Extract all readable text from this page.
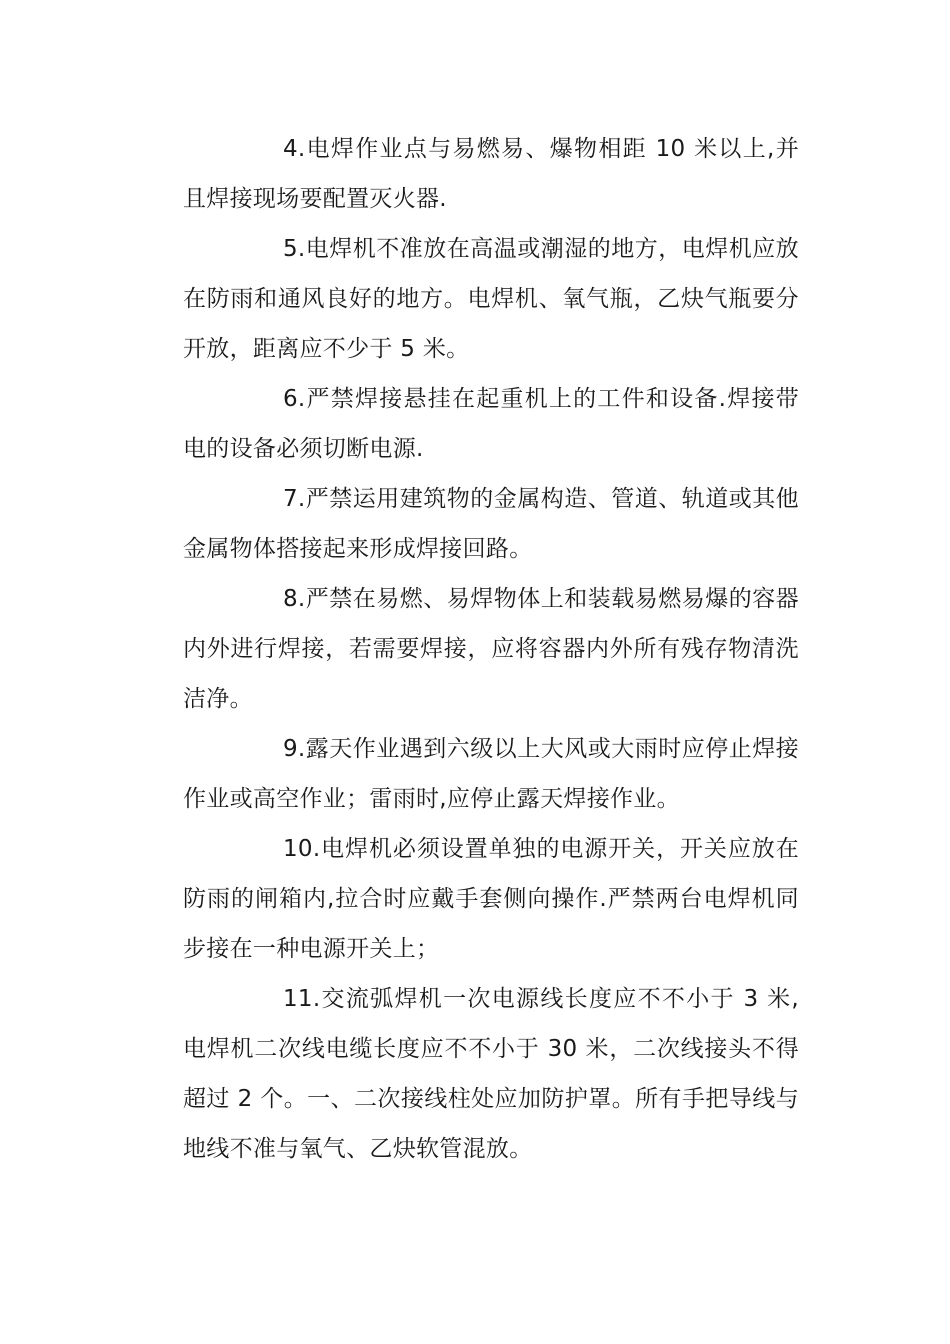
4.电焊作业点与易燃易、爆物相距 10 米以上,并且焊接现场要配置灭火器.

5.电焊机不准放在高温或潮湿的地方，电焊机应放在防雨和通风良好的地方。电焊机、氧气瓶，乙炔气瓶要分开放，距离应不少于 5 米。

6.严禁焊接悬挂在起重机上的工件和设备.焊接带电的设备必须切断电源.

7.严禁运用建筑物的金属构造、管道、轨道或其他金属物体搭接起来形成焊接回路。

8.严禁在易燃、易焊物体上和装载易燃易爆的容器内外进行焊接，若需要焊接，应将容器内外所有残存物清洗洁净。

9.露天作业遇到六级以上大风或大雨时应停止焊接作业或高空作业；雷雨时,应停止露天焊接作业。

10.电焊机必须设置单独的电源开关，开关应放在防雨的闸箱内,拉合时应戴手套侧向操作.严禁两台电焊机同步接在一种电源开关上；

11.交流弧焊机一次电源线长度应不不小于 3 米,电焊机二次线电缆长度应不不小于 30 米，二次线接头不得超过 2 个。一、二次接线柱处应加防护罩。所有手把导线与地线不准与氧气、乙炔软管混放。
